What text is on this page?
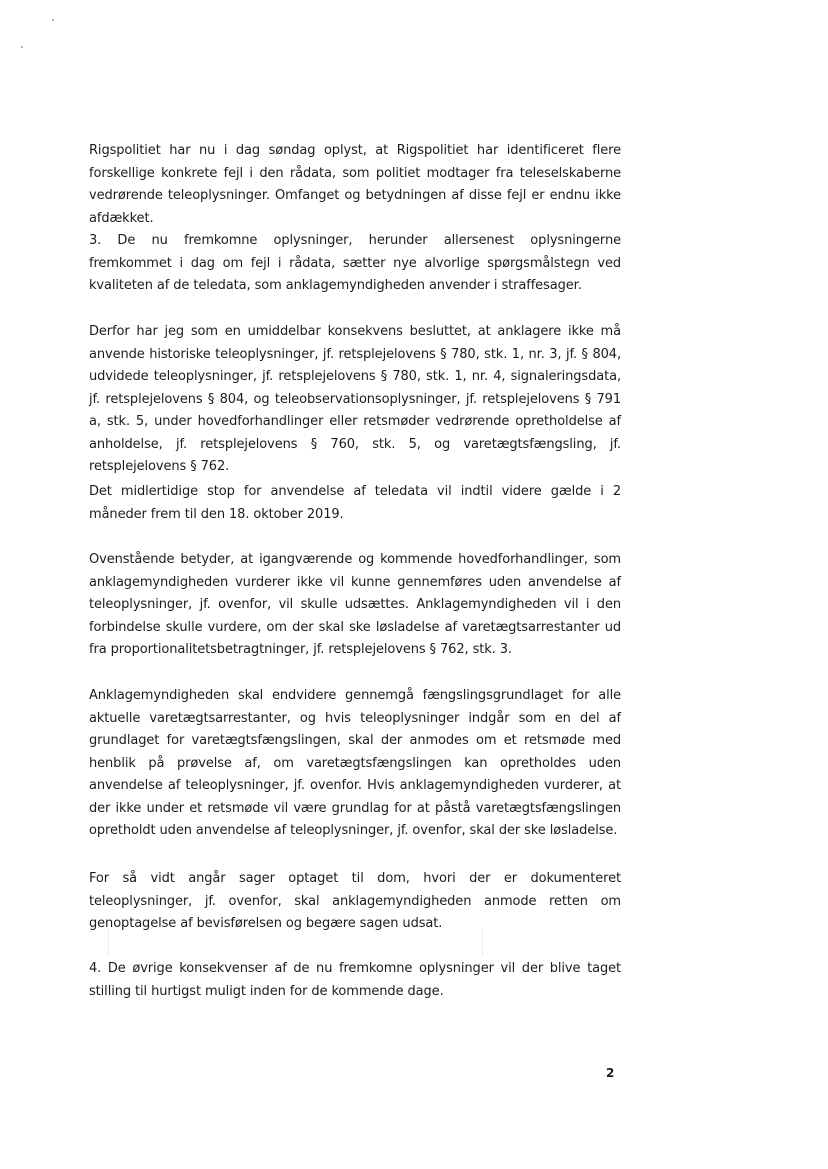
Rigspolitiet har nu i dag søndag oplyst, at Rigspolitiet har identificeret flere forskellige konkrete fejl i den rådata, som politiet modtager fra teleselskaberne vedrørende teleoplysninger. Omfanget og betydningen af disse fejl er endnu ikke afdækket.

3. De nu fremkomne oplysninger, herunder allersenest oplysningerne fremkommet i dag om fejl i rådata, sætter nye alvorlige spørgsmålstegn ved kvaliteten af de teledata, som anklagemyndigheden anvender i straffesager.

Derfor har jeg som en umiddelbar konsekvens besluttet, at anklagere ikke må anvende historiske teleoplysninger, jf. retsplejelovens § 780, stk. 1, nr. 3, jf. § 804, udvidede teleoplysninger, jf. retsplejelovens § 780, stk. 1, nr. 4, signaleringsdata, jf. retsplejelovens § 804, og teleobservationsoplysninger, jf. retsplejelovens § 791 a, stk. 5, under hovedforhandlinger eller retsmøder vedrørende opretholdelse af anholdelse, jf. retsplejelovens § 760, stk. 5, og varetægtsfængsling, jf. retsplejelovens § 762.

Det midlertidige stop for anvendelse af teledata vil indtil videre gælde i 2 måneder frem til den 18. oktober 2019.

Ovenstående betyder, at igangværende og kommende hovedforhandlinger, som anklagemyndigheden vurderer ikke vil kunne gennemføres uden anvendelse af teleoplysninger, jf. ovenfor, vil skulle udsættes. Anklagemyndigheden vil i den forbindelse skulle vurdere, om der skal ske løsladelse af varetægtsarrestanter ud fra proportionalitetsbetragtninger, jf. retsplejelovens § 762, stk. 3.

Anklagemyndigheden skal endvidere gennemgå fængslingsgrundlaget for alle aktuelle varetægtsarrestanter, og hvis teleoplysninger indgår som en del af grundlaget for varetægtsfængslingen, skal der anmodes om et retsmøde med henblik på prøvelse af, om varetægtsfængslingen kan opretholdes uden anvendelse af teleoplysninger, jf. ovenfor. Hvis anklagemyndigheden vurderer, at der ikke under et retsmøde vil være grundlag for at påstå varetægtsfængslingen opretholdt uden anvendelse af teleoplysninger, jf. ovenfor, skal der ske løsladelse.

For så vidt angår sager optaget til dom, hvori der er dokumenteret teleoplysninger, jf. ovenfor, skal anklagemyndigheden anmode retten om genoptagelse af bevisførelsen og begære sagen udsat.

4. De øvrige konsekvenser af de nu fremkomne oplysninger vil der blive taget stilling til hurtigst muligt inden for de kommende dage.

2
